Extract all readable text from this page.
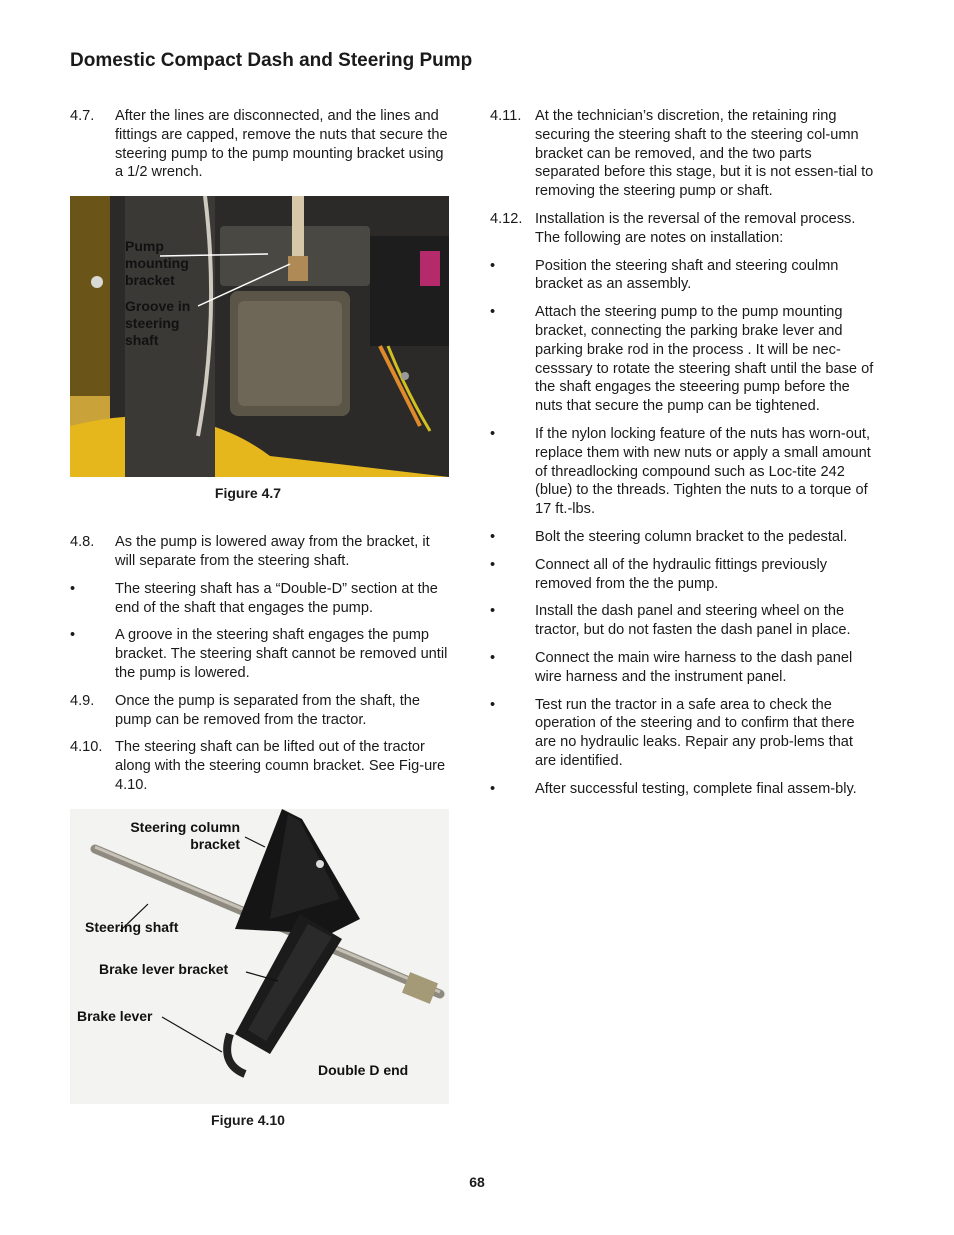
Domestic Compact Dash and Steering Pump
4.7.	After the lines are disconnected, and the lines and fittings are capped, remove the nuts that secure the steering pump to the pump mounting bracket using a 1/2 wrench.
Pump mounting bracket
Groove in steering shaft
Figure 4.7
4.8.	As the pump is lowered away from the bracket, it will separate from the steering shaft.
•	The steering shaft has a “Double-D” section at the end of the shaft that engages the pump.
•	A groove in the steering shaft engages the pump bracket. The steering shaft cannot be removed until the pump is lowered.
4.9.	Once the pump is separated from the shaft, the pump can be removed from the tractor.
4.10. The steering shaft can be lifted out of the tractor along with the steering coumn bracket. See Fig-ure 4.10.
Steering column bracket
Steering shaft
Brake lever bracket
Brake lever
Double D end
Figure 4.10
4.11. At the technician’s discretion, the retaining ring securing the steering shaft to the steering col-umn bracket can be removed, and the two parts separated before this stage, but it is not essen-tial to removing the steering pump or shaft.
4.12. Installation is the reversal of the removal process. The following are notes on installation:
•	Position the steering shaft and steering coulmn bracket as an assembly.
•	Attach the steering pump to the pump mounting bracket, connecting the parking brake lever and parking brake rod in the process . It will be nec-cesssary to rotate the steering shaft until the base of the shaft engages the steeering pump before the nuts that secure the pump can be tightened.
•	If the nylon locking feature of the nuts has worn-out, replace them with new nuts or apply a small amount of threadlocking compound such as Loc-tite 242 (blue) to the threads. Tighten the nuts to a torque of 17 ft.-lbs.
•	Bolt the steering column bracket to the pedestal.
•	Connect all of the hydraulic fittings previously removed from the the pump.
•	Install the dash panel and steering wheel on the tractor, but do not fasten the dash panel in place.
•	Connect the main wire harness to the dash panel wire harness and the instrument panel.
•	Test run the tractor in a safe area to check the operation of the steering and to confirm that there are no hydraulic leaks. Repair any prob-lems that are identified.
•	After successful testing, complete final assem-bly.
68
